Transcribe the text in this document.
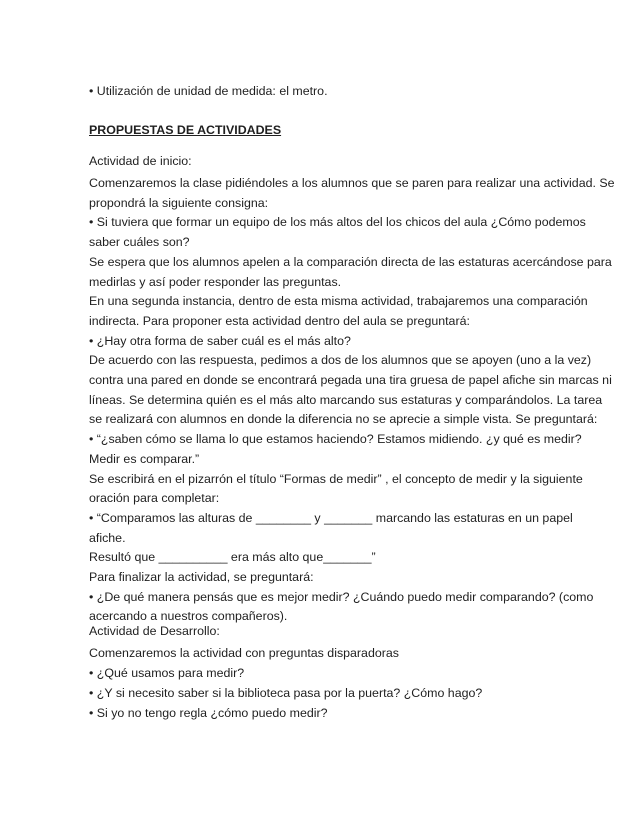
• Utilización de unidad de medida: el metro.
PROPUESTAS DE ACTIVIDADES
Actividad de inicio:
Comenzaremos la clase pidiéndoles a los alumnos que se paren para realizar una actividad. Se
propondrá la siguiente consigna:
• Si tuviera que formar un equipo de los más altos del los chicos del aula ¿Cómo podemos
saber cuáles son?
Se espera que los alumnos apelen a la comparación directa de las estaturas acercándose para
medirlas y así poder responder las preguntas.
En una segunda instancia, dentro de esta misma actividad, trabajaremos una comparación
indirecta. Para proponer esta actividad dentro del aula se preguntará:
• ¿Hay otra forma de saber cuál es el más alto?
De acuerdo con las respuesta, pedimos a dos de los alumnos que se apoyen (uno a la vez)
contra una pared en donde se encontrará pegada una tira gruesa de papel afiche sin marcas ni
líneas. Se determina quién es el más alto marcando sus estaturas y comparándolos. La tarea
se realizará con alumnos en donde la diferencia no se aprecie a simple vista. Se preguntará:
• “¿saben cómo se llama lo que estamos haciendo? Estamos midiendo. ¿y qué es medir?
Medir es comparar.”
Se escribirá en el pizarrón el título “Formas de medir” , el concepto de medir y la siguiente
oración para completar:
• “Comparamos las alturas de ________ y _______ marcando las estaturas en un papel
afiche.
Resultó que __________ era más alto que_______”
Para finalizar la actividad, se preguntará:
• ¿De qué manera pensás que es mejor medir? ¿Cuándo puedo medir comparando? (como
acercando a nuestros compañeros).
Actividad de Desarrollo:
Comenzaremos la actividad con preguntas disparadoras
• ¿Qué usamos para medir?
• ¿Y si necesito saber si la biblioteca pasa por la puerta? ¿Cómo hago?
• Si yo no tengo regla ¿cómo puedo medir?
